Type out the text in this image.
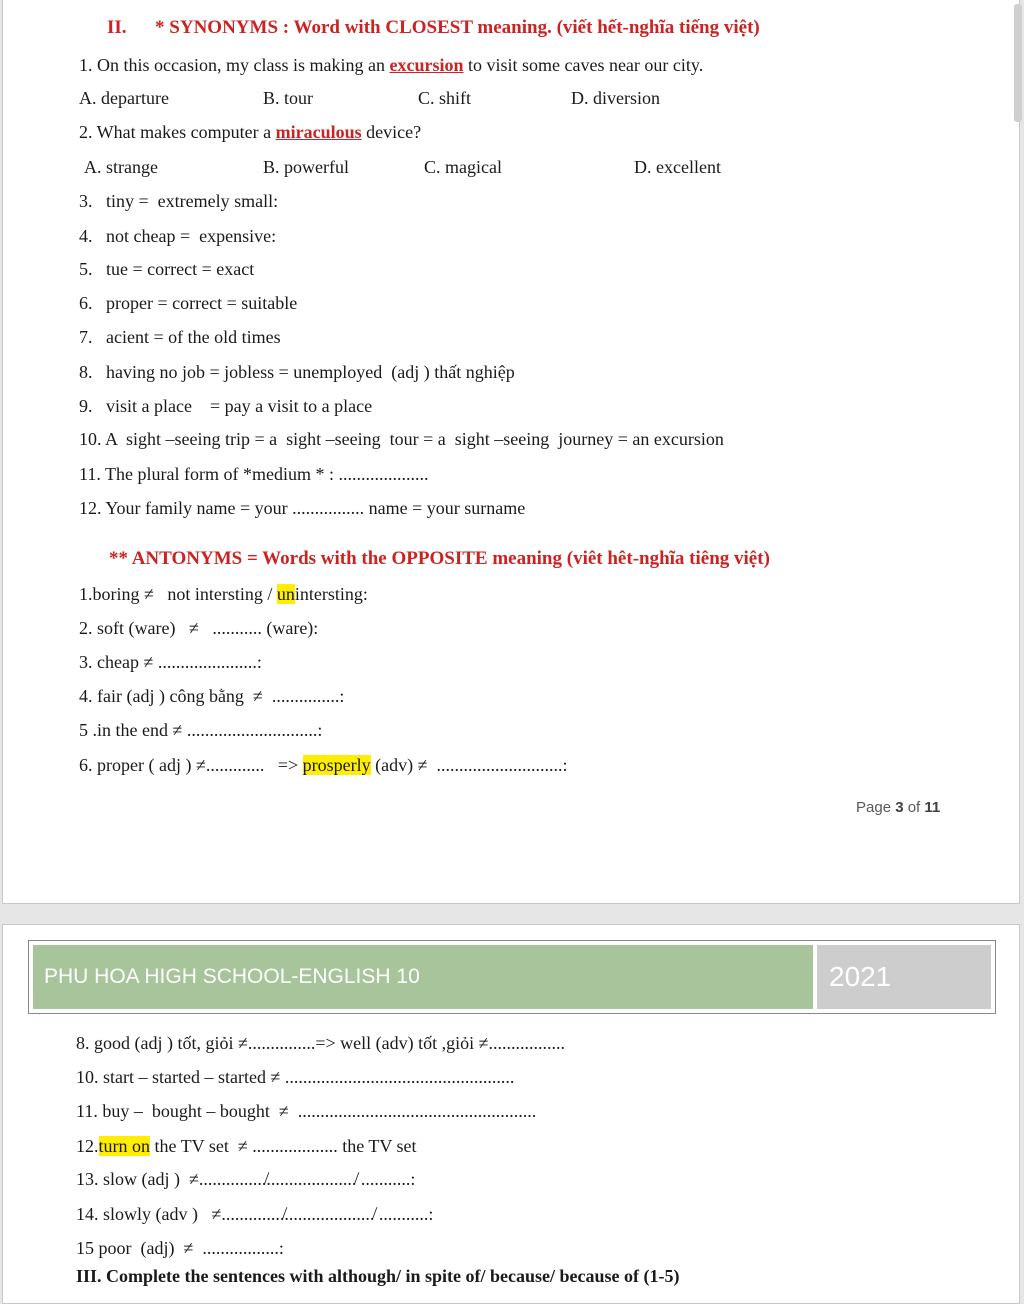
II.      * SYNONYMS : Word with CLOSEST meaning. (viết hết-nghĩa tiếng việt)
1. On this occasion, my class is making an excursion to visit some caves near our city.
A. departure	B. tour	C. shift	D. diversion
2. What makes computer a miraculous device?
A. strange	B. powerful	C. magical	D. excellent
3.   tiny =  extremely small:
4.   not cheap =  expensive:
5.   tue = correct = exact
6.   proper = correct = suitable
7.   acient = of the old times
8.   having no job = jobless = unemployed  (adj ) thất nghiệp
9.   visit a place    = pay a visit to a place
10. A  sight –seeing trip = a  sight –seeing  tour = a  sight –seeing  journey = an excursion
11. The plural form of *medium * : ....................
12. Your family name = your ................ name = your surname
** ANTONYMS = Words with the OPPOSITE meaning (viêt hêt-nghĩa tiêng việt)
1.boring ≠   not intersting / unintersting:
2. soft (ware)   ≠   ........... (ware):
3. cheap ≠ ......................:
4. fair (adj ) công bằng  ≠  ...............:
5 .in the end ≠ .............................:
6. proper ( adj ) ≠.............   => prosperly (adv) ≠  ............................:
Page 3 of 11
PHU HOA HIGH SCHOOL-ENGLISH 10	2021
8. good (adj ) tốt, giỏi ≠...............=> well (adv) tốt ,giỏi ≠.................
10. start – started – started ≠ ...................................................
11. buy –  bought – bought  ≠  .....................................................
12.turn on the TV set  ≠ ................... the TV set
13. slow (adj )  ≠...............̸....................̸ ...........:
14. slowly (adv )   ≠..............̸....................̸ ...........:
15 poor  (adj)  ≠  .................:
III. Complete the sentences with although/ in spite of/ because/ because of (1-5)
